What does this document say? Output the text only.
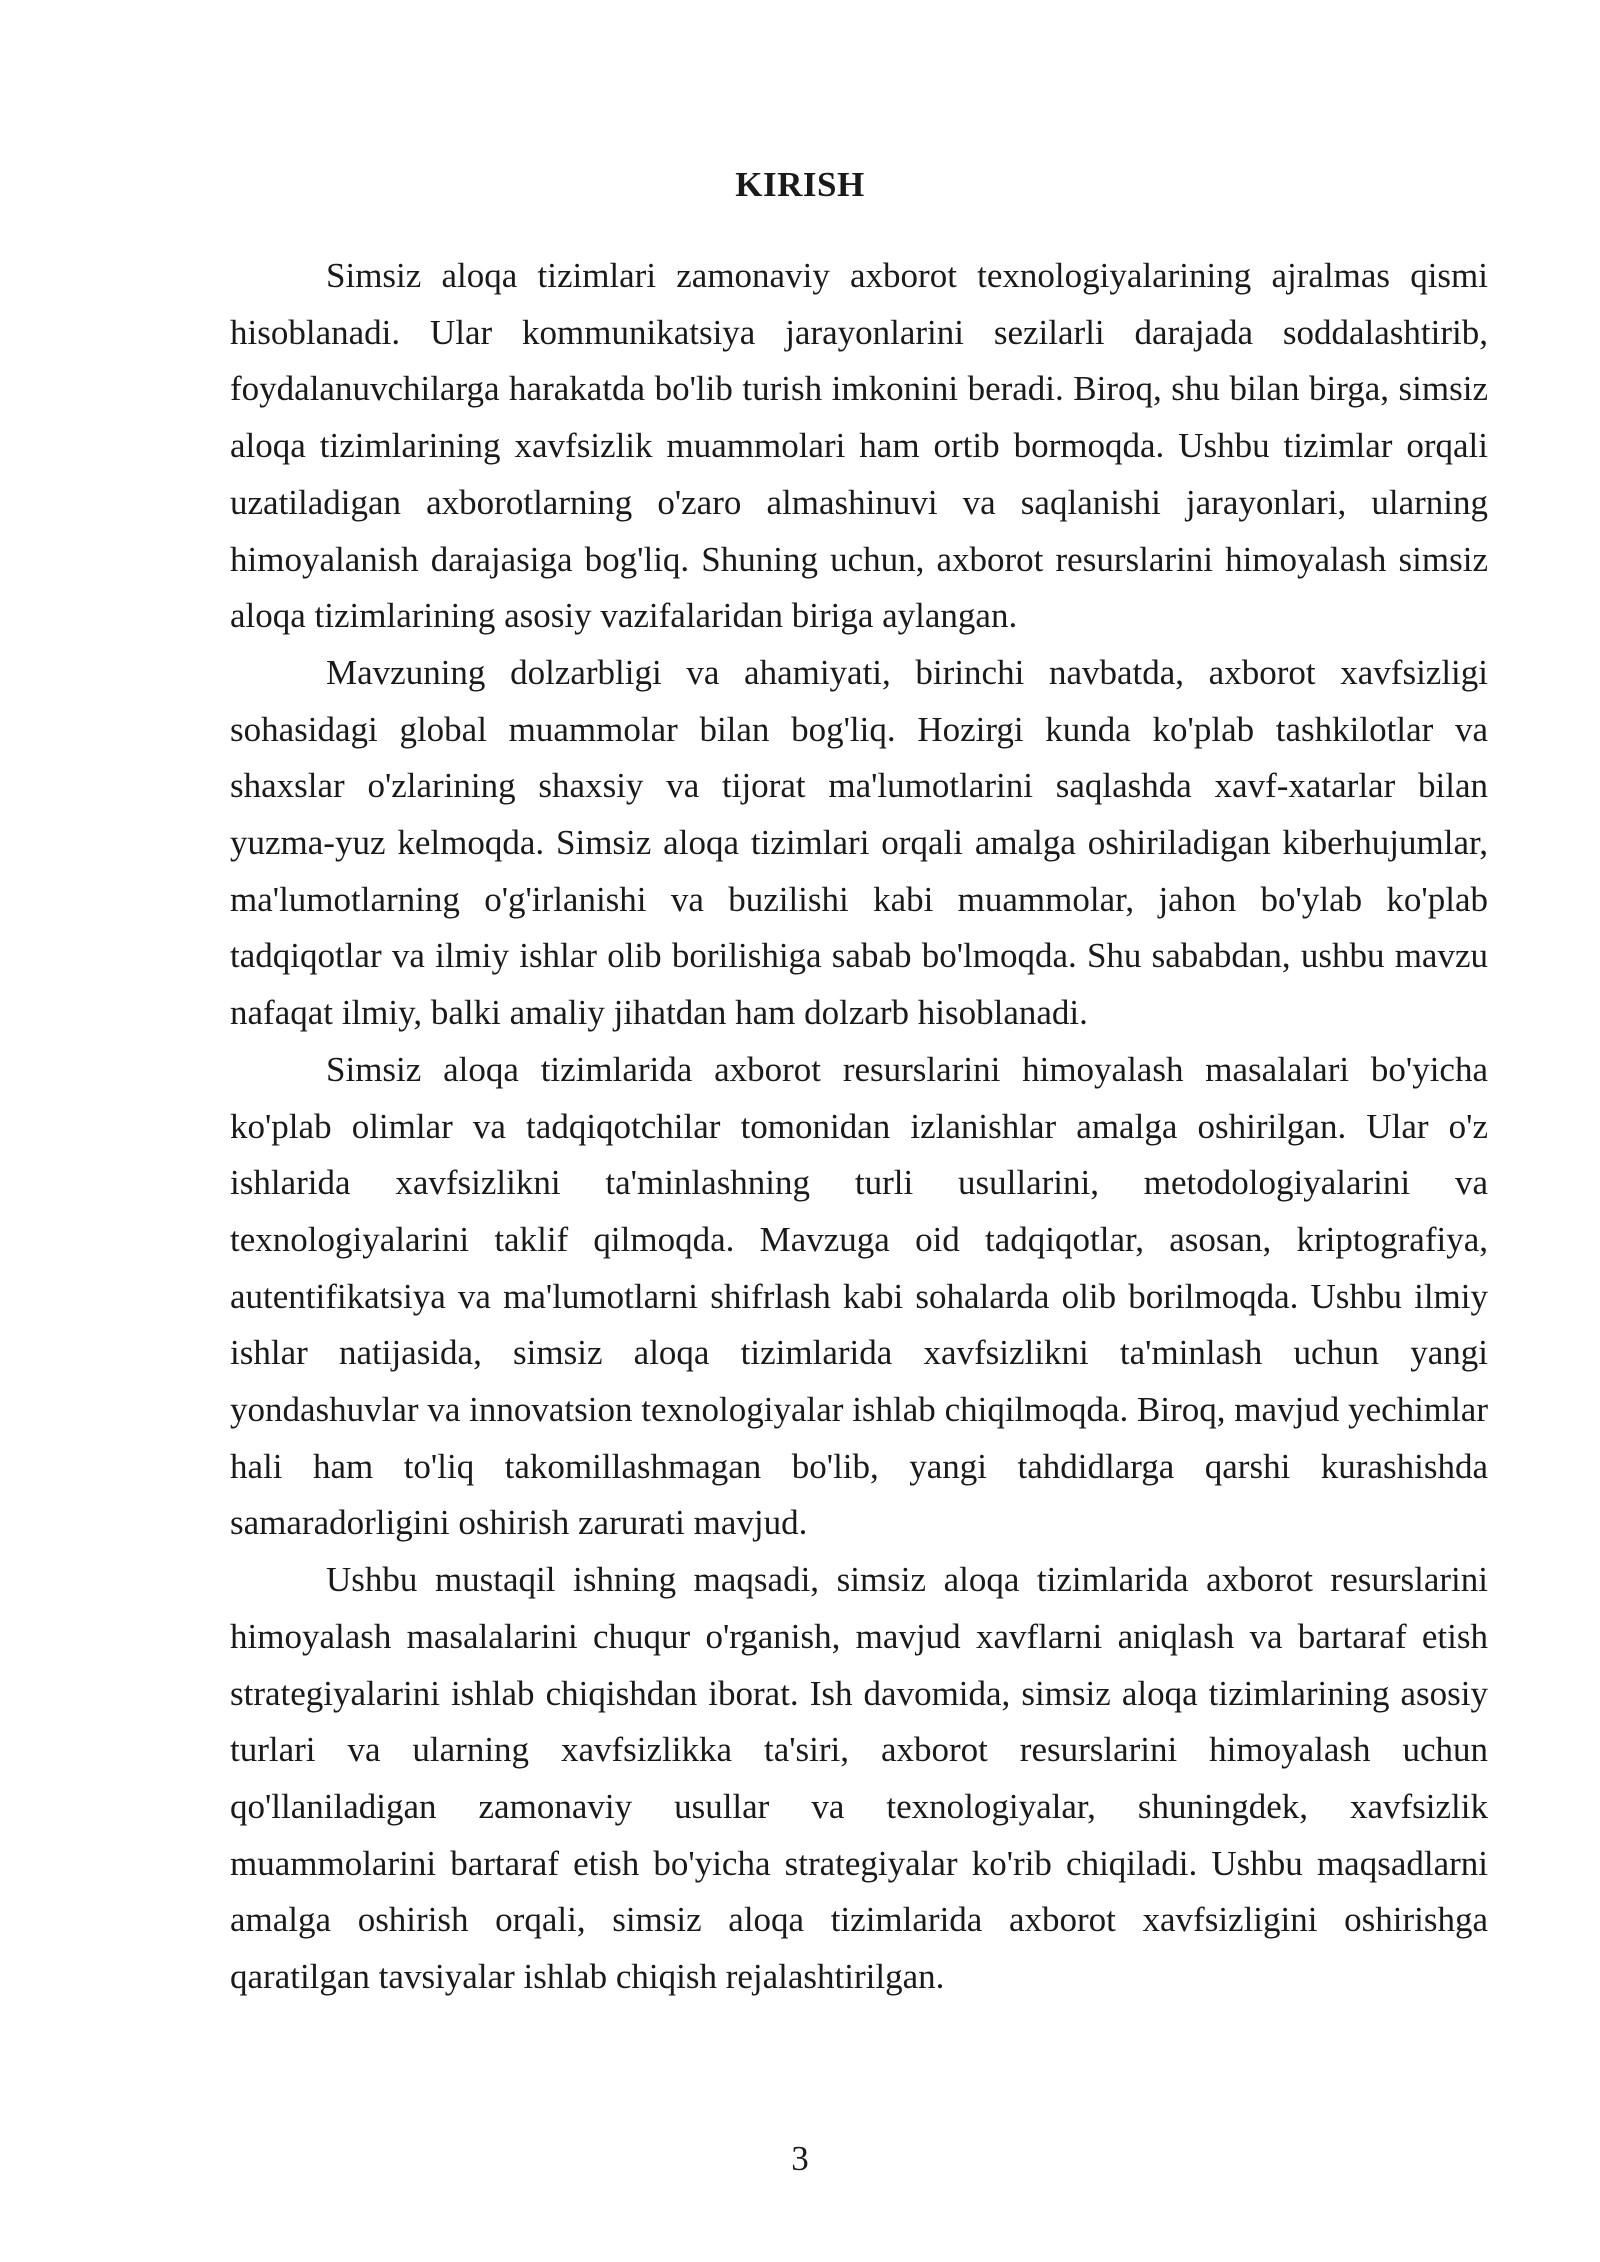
KIRISH

Simsiz aloqa tizimlari zamonaviy axborot texnologiyalarining ajralmas qismi hisoblanadi. Ular kommunikatsiya jarayonlarini sezilarli darajada soddalashtirib, foydalanuvchilarga harakatda bo'lib turish imkonini beradi. Biroq, shu bilan birga, simsiz aloqa tizimlarining xavfsizlik muammolari ham ortib bormoqda. Ushbu tizimlar orqali uzatiladigan axborotlarning o'zaro almashinuvi va saqlanishi jarayonlari, ularning himoyalanish darajasiga bog'liq. Shuning uchun, axborot resurslarini himoyalash simsiz aloqa tizimlarining asosiy vazifalaridan biriga aylangan.

Mavzuning dolzarbligi va ahamiyati, birinchi navbatda, axborot xavfsizligi sohasidagi global muammolar bilan bog'liq. Hozirgi kunda ko'plab tashkilotlar va shaxslar o'zlarining shaxsiy va tijorat ma'lumotlarini saqlashda xavf-xatarlar bilan yuzma-yuz kelmoqda. Simsiz aloqa tizimlari orqali amalga oshiriladigan kiberhujumlar, ma'lumotlarning o'g'irlanishi va buzilishi kabi muammolar, jahon bo'ylab ko'plab tadqiqotlar va ilmiy ishlar olib borilishiga sabab bo'lmoqda. Shu sababdan, ushbu mavzu nafaqat ilmiy, balki amaliy jihatdan ham dolzarb hisoblanadi.

Simsiz aloqa tizimlarida axborot resurslarini himoyalash masalalari bo'yicha ko'plab olimlar va tadqiqotchilar tomonidan izlanishlar amalga oshirilgan. Ular o'z ishlarida xavfsizlikni ta'minlashning turli usullarini, metodologiyalarini va texnologiyalarini taklif qilmoqda. Mavzuga oid tadqiqotlar, asosan, kriptografiya, autentifikatsiya va ma'lumotlarni shifrlash kabi sohalarda olib borilmoqda. Ushbu ilmiy ishlar natijasida, simsiz aloqa tizimlarida xavfsizlikni ta'minlash uchun yangi yondashuvlar va innovatsion texnologiyalar ishlab chiqilmoqda. Biroq, mavjud yechimlar hali ham to'liq takomillashmagan bo'lib, yangi tahdidlarga qarshi kurashishda samaradorligini oshirish zarurati mavjud.

Ushbu mustaqil ishning maqsadi, simsiz aloqa tizimlarida axborot resurslarini himoyalash masalalarini chuqur o'rganish, mavjud xavflarni aniqlash va bartaraf etish strategiyalarini ishlab chiqishdan iborat. Ish davomida, simsiz aloqa tizimlarining asosiy turlari va ularning xavfsizlikka ta'siri, axborot resurslarini himoyalash uchun qo'llaniladigan zamonaviy usullar va texnologiyalar, shuningdek, xavfsizlik muammolarini bartaraf etish bo'yicha strategiyalar ko'rib chiqiladi. Ushbu maqsadlarni amalga oshirish orqali, simsiz aloqa tizimlarida axborot xavfsizligini oshirishga qaratilgan tavsiyalar ishlab chiqish rejalashtirilgan.

3
